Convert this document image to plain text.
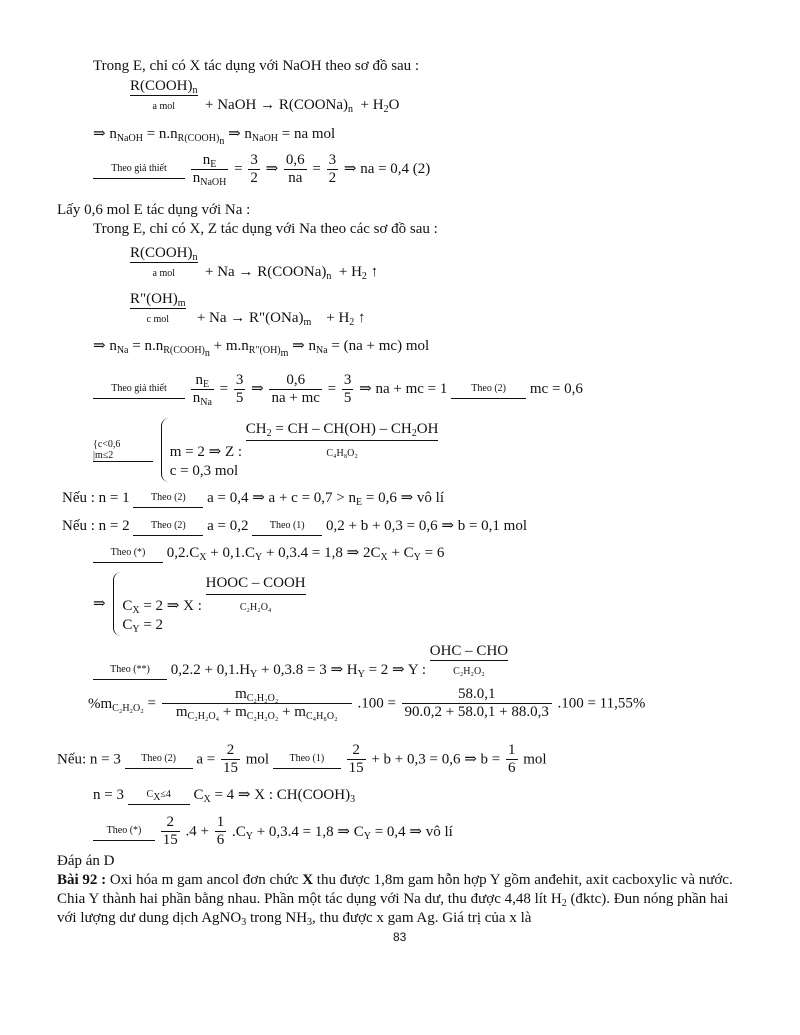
Trong E, chỉ có X tác dụng với NaOH theo sơ đồ sau :
$R(COOH)_n$
a mol	+ NaOH → $R(COONa)_n + H_2O$
⇒ $n_{NaOH} = n.n_{R(COOH)_n}$ ⇒ $n_{NaOH}$ = na mol
Theo giả thiết
	$\frac{n_E}{n_{NaOH}} = \frac{3}{2}$ ⇒ $\frac{0,6}{na} = \frac{3}{2}$ ⇒ na = 0,4 (2)
Lấy 0,6 mol E tác dụng với Na :
Trong E, chỉ có X, Z tác dụng với Na theo các sơ đồ sau :
$R(COOH)_n$
a mol	+ $Na \to R(COONa)_n + H_2$ ↑
$R"(OH)_m$
c mol	+ $Na \to R"(ONa)_m + H_2$ ↑
⇒ $n_{Na} = n.n_{R(COOH)_n} + m.n_{R"(OH)_m}$ ⇒ $n_{Na} = (na + mc)$ mol
Theo giả thiết
	$\frac{n_E}{n_{Na}} = \frac{3}{5}$ ⇒ $\frac{0,6}{na + mc} = \frac{3}{5}$ ⇒ na + mc = 1	Theo (2)	mc = 0,6
{c<0,6
|m≤2
	m = 2 ⇒ Z :
$CH_2$ = CH – $CH(OH) - CH_2OH$
C₄H₈O₂
c = 0,3 mol
Nếu : n = 1	Theo (2)	a = 0,4 ⇒ $a + c = 0,7 > n_E = 0,6$ ⇒ vô lí
Nếu : n = 2	Theo (2)	a = 0,2	Theo (1)	0,2 + b + 0,3 = 0,6 ⇒ b = 0,1 mol
Theo (*)	$0,2.C_X + 0,1.C_Y + 0,3.4 = 1,8$ ⇒ $2C_X + C_Y = 6$
⇒ $C_X = 2$ ⇒ X :
HOOC – COOH
C₂H₂O₄
$C_Y = 2$
Theo (**)	$0,2.2 + 0,1.H_Y + 0,3.8 = 3$ ⇒ $H_Y = 2$ ⇒ Y :
OHC – CHO
C₂H₂O₂
$\%m_{C_2H_2O_2} = \frac{m_{C_2H_2O_2}}{m_{C_2H_2O_4} + m_{C_2H_2O_2} + m_{C_4H_8O_2}} .100 = \frac{58.0,1}{90.0,2 + 58.0,1 + 88.0,3} .100 = 11,55\%$
Nếu: n = 3	Theo (2)	$a = \frac{2}{15}$ mol	Theo (1)
	$\frac{2}{15} + b + 0,3 = 0,6$ ⇒ $b = \frac{1}{6}$ mol
n = 3	$C_X\le 4$	$C_X = 4$ ⇒ X : $CH(COOH)_3$
Theo (*)
	$\frac{2}{15} .4 + \frac{1}{6} .C_Y + 0,3.4 = 1,8$ ⇒ $C_Y = 0,4$ ⇒ vô lí
Đáp án D
Bài 92 : Oxi hóa m gam ancol đơn chức X thu được 1,8m gam hỗn hợp Y gồm anđehit, axit cacboxylic và nước. Chia Y thành hai phần bằng nhau. Phần một tác dụng với Na dư, thu được 4,48 lít $H_2$ (đktc). Đun nóng phần hai với lượng dư dung dịch AgNO$_3$ trong $NH_3$, thu được x gam Ag. Giá trị của x là
83
